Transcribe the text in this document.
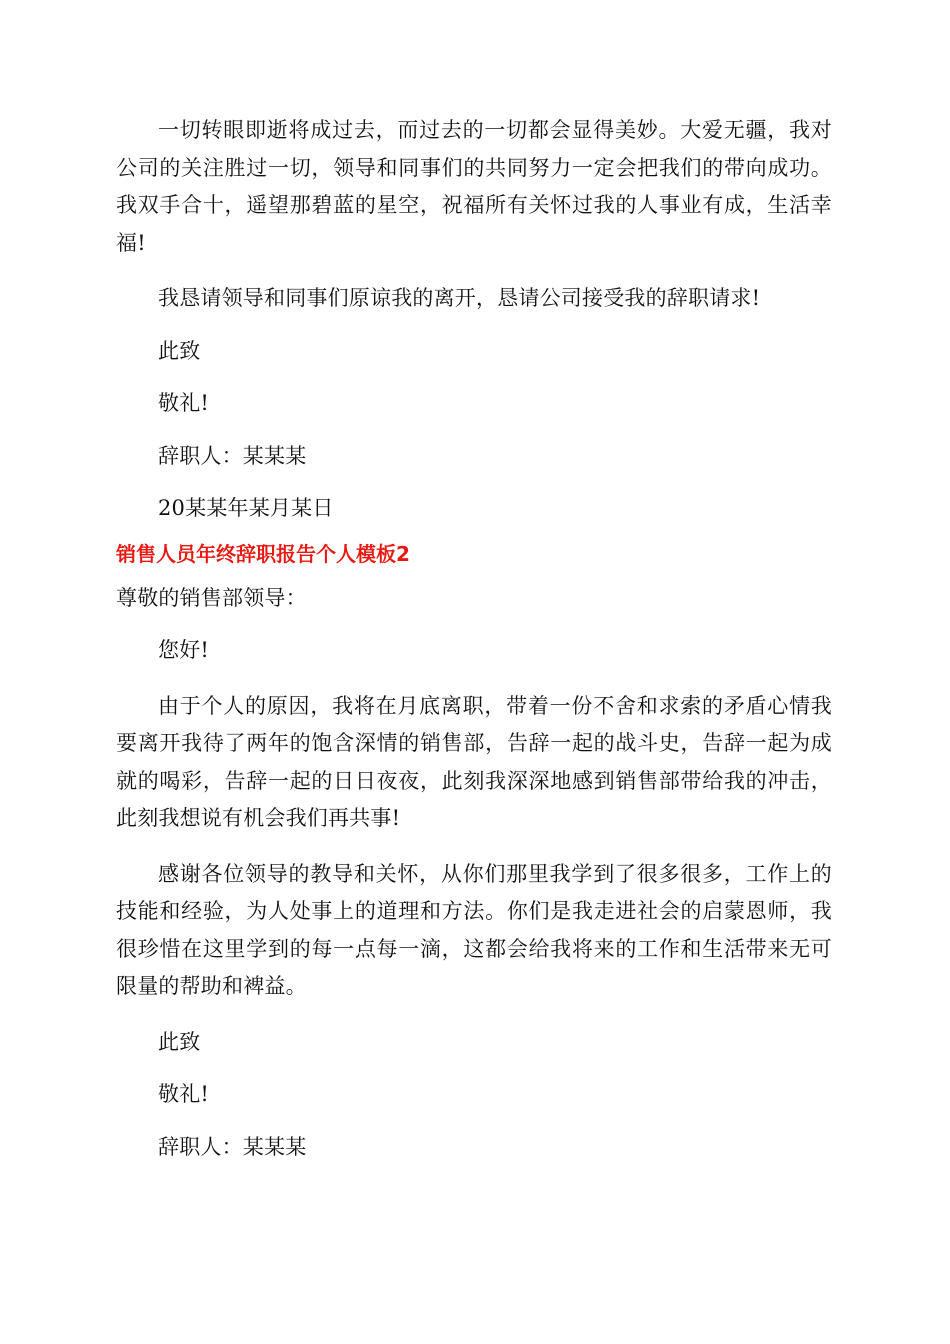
一切转眼即逝将成过去，而过去的一切都会显得美妙。大爱无疆，我对公司的关注胜过一切，领导和同事们的共同努力一定会把我们的带向成功。我双手合十，遥望那碧蓝的星空，祝福所有关怀过我的人事业有成，生活幸福!

我恳请领导和同事们原谅我的离开，恳请公司接受我的辞职请求!

此致

敬礼!

辞职人：某某某

20某某年某月某日

销售人员年终辞职报告个人模板2

尊敬的销售部领导：

您好!

由于个人的原因，我将在月底离职，带着一份不舍和求索的矛盾心情我要离开我待了两年的饱含深情的销售部，告辞一起的战斗史，告辞一起为成就的喝彩，告辞一起的日日夜夜，此刻我深深地感到销售部带给我的冲击，此刻我想说有机会我们再共事!

感谢各位领导的教导和关怀，从你们那里我学到了很多很多，工作上的技能和经验，为人处事上的道理和方法。你们是我走进社会的启蒙恩师，我很珍惜在这里学到的每一点每一滴，这都会给我将来的工作和生活带来无可限量的帮助和裨益。

此致

敬礼!

辞职人：某某某
